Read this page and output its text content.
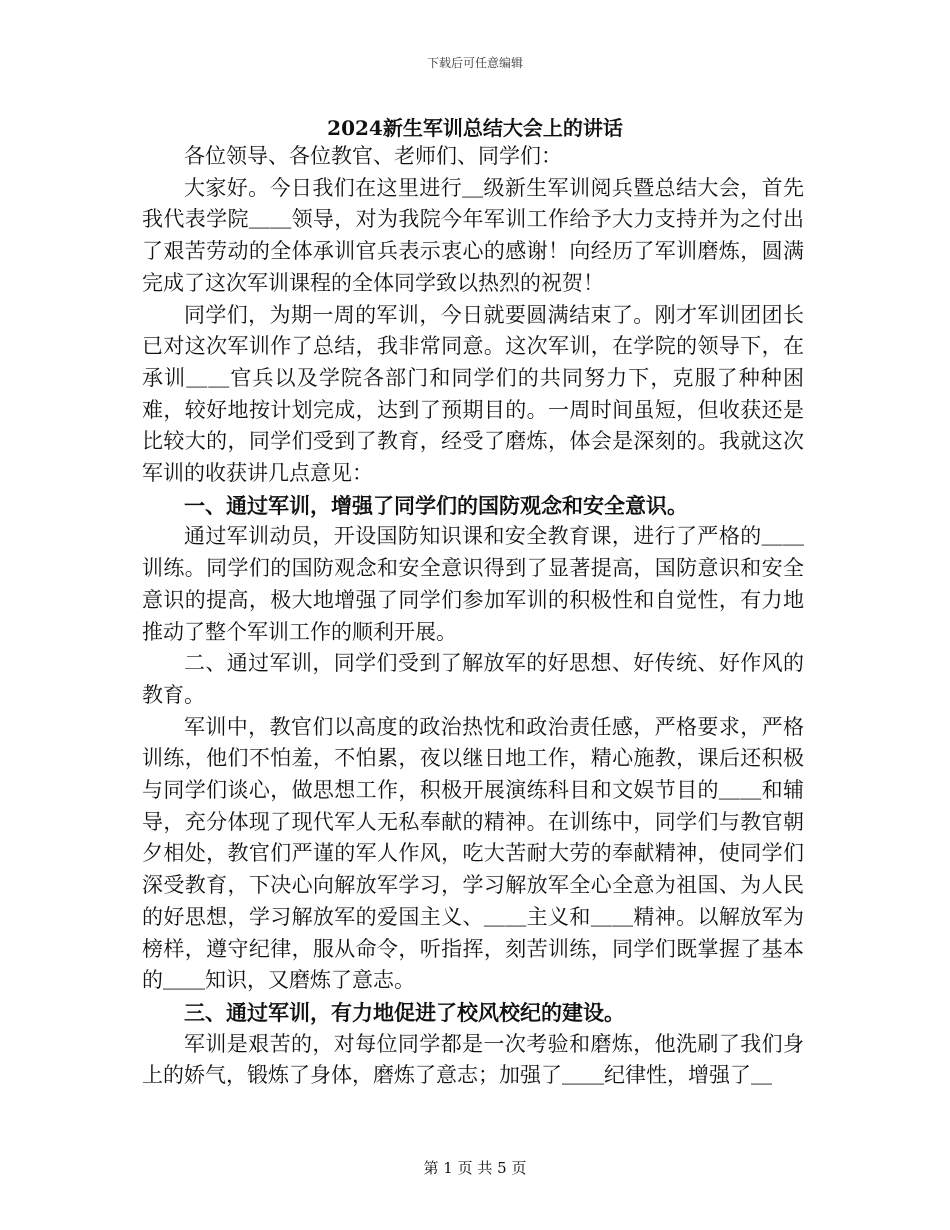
下载后可任意编辑
2024新生军训总结大会上的讲话

各位领导、各位教官、老师们、同学们：

大家好。今日我们在这里进行＿级新生军训阅兵暨总结大会，首先我代表学院＿＿领导，对为我院今年军训工作给予大力支持并为之付出了艰苦劳动的全体承训官兵表示衷心的感谢！向经历了军训磨炼，圆满完成了这次军训课程的全体同学致以热烈的祝贺！

同学们，为期一周的军训，今日就要圆满结束了。刚才军训团团长已对这次军训作了总结，我非常同意。这次军训，在学院的领导下，在承训＿＿官兵以及学院各部门和同学们的共同努力下，克服了种种困难，较好地按计划完成，达到了预期目的。一周时间虽短，但收获还是比较大的，同学们受到了教育，经受了磨炼，体会是深刻的。我就这次军训的收获讲几点意见：

一、通过军训，增强了同学们的国防观念和安全意识。

通过军训动员，开设国防知识课和安全教育课，进行了严格的＿＿训练。同学们的国防观念和安全意识得到了显著提高，国防意识和安全意识的提高，极大地增强了同学们参加军训的积极性和自觉性，有力地推动了整个军训工作的顺利开展。

二、通过军训，同学们受到了解放军的好思想、好传统、好作风的教育。

军训中，教官们以高度的政治热忱和政治责任感，严格要求，严格训练，他们不怕羞，不怕累，夜以继日地工作，精心施教，课后还积极与同学们谈心，做思想工作，积极开展演练科目和文娱节目的＿＿和辅导，充分体现了现代军人无私奉献的精神。在训练中，同学们与教官朝夕相处，教官们严谨的军人作风，吃大苦耐大劳的奉献精神，使同学们深受教育，下决心向解放军学习，学习解放军全心全意为祖国、为人民的好思想，学习解放军的爱国主义、＿＿主义和＿＿精神。以解放军为榜样，遵守纪律，服从命令，听指挥，刻苦训练，同学们既掌握了基本的＿＿知识，又磨炼了意志。

三、通过军训，有力地促进了校风校纪的建设。

军训是艰苦的，对每位同学都是一次考验和磨炼，他洗刷了我们身上的娇气，锻炼了身体，磨炼了意志；加强了＿＿纪律性，增强了＿

第 1 页 共 5 页
